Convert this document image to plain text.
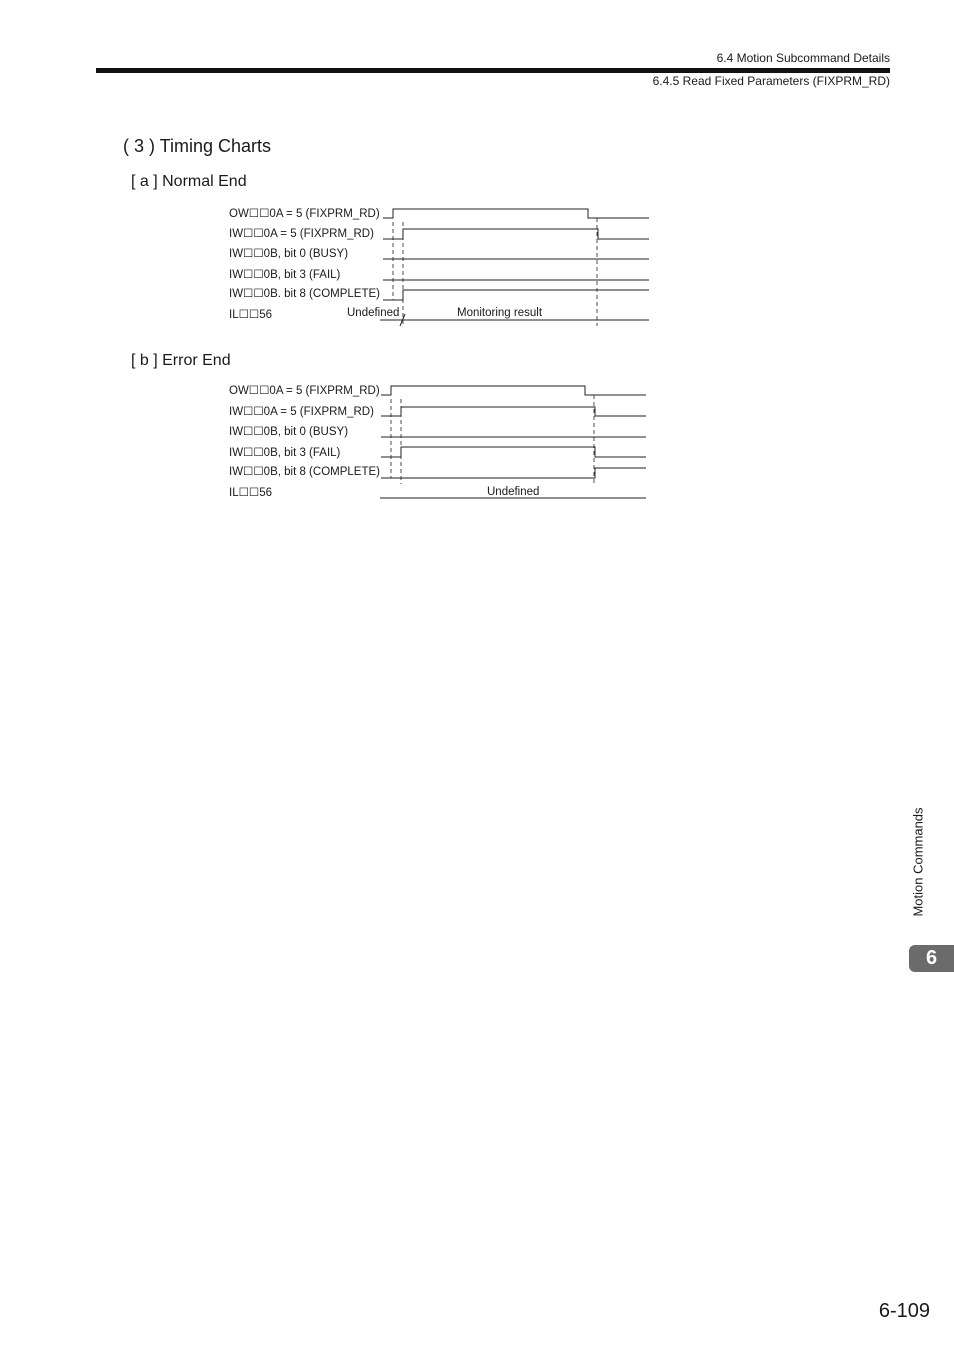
6.4 Motion Subcommand Details
6.4.5 Read Fixed Parameters (FIXPRM_RD)
( 3 ) Timing Charts
[ a ] Normal End
OW☐☐0A = 5 (FIXPRM_RD)
IW☐☐0A = 5 (FIXPRM_RD)
IW☐☐0B, bit 0 (BUSY)
IW☐☐0B, bit 3 (FAIL)
IW☐☐0B. bit 8 (COMPLETE)
IL☐☐56	Undefined	Monitoring result
[ b ] Error End
OW☐☐0A = 5 (FIXPRM_RD)
IW☐☐0A = 5 (FIXPRM_RD)
IW☐☐0B, bit 0 (BUSY)
IW☐☐0B, bit 3 (FAIL)
IW☐☐0B, bit 8 (COMPLETE)
IL☐☐56	Undefined
Motion Commands
6
6-109
